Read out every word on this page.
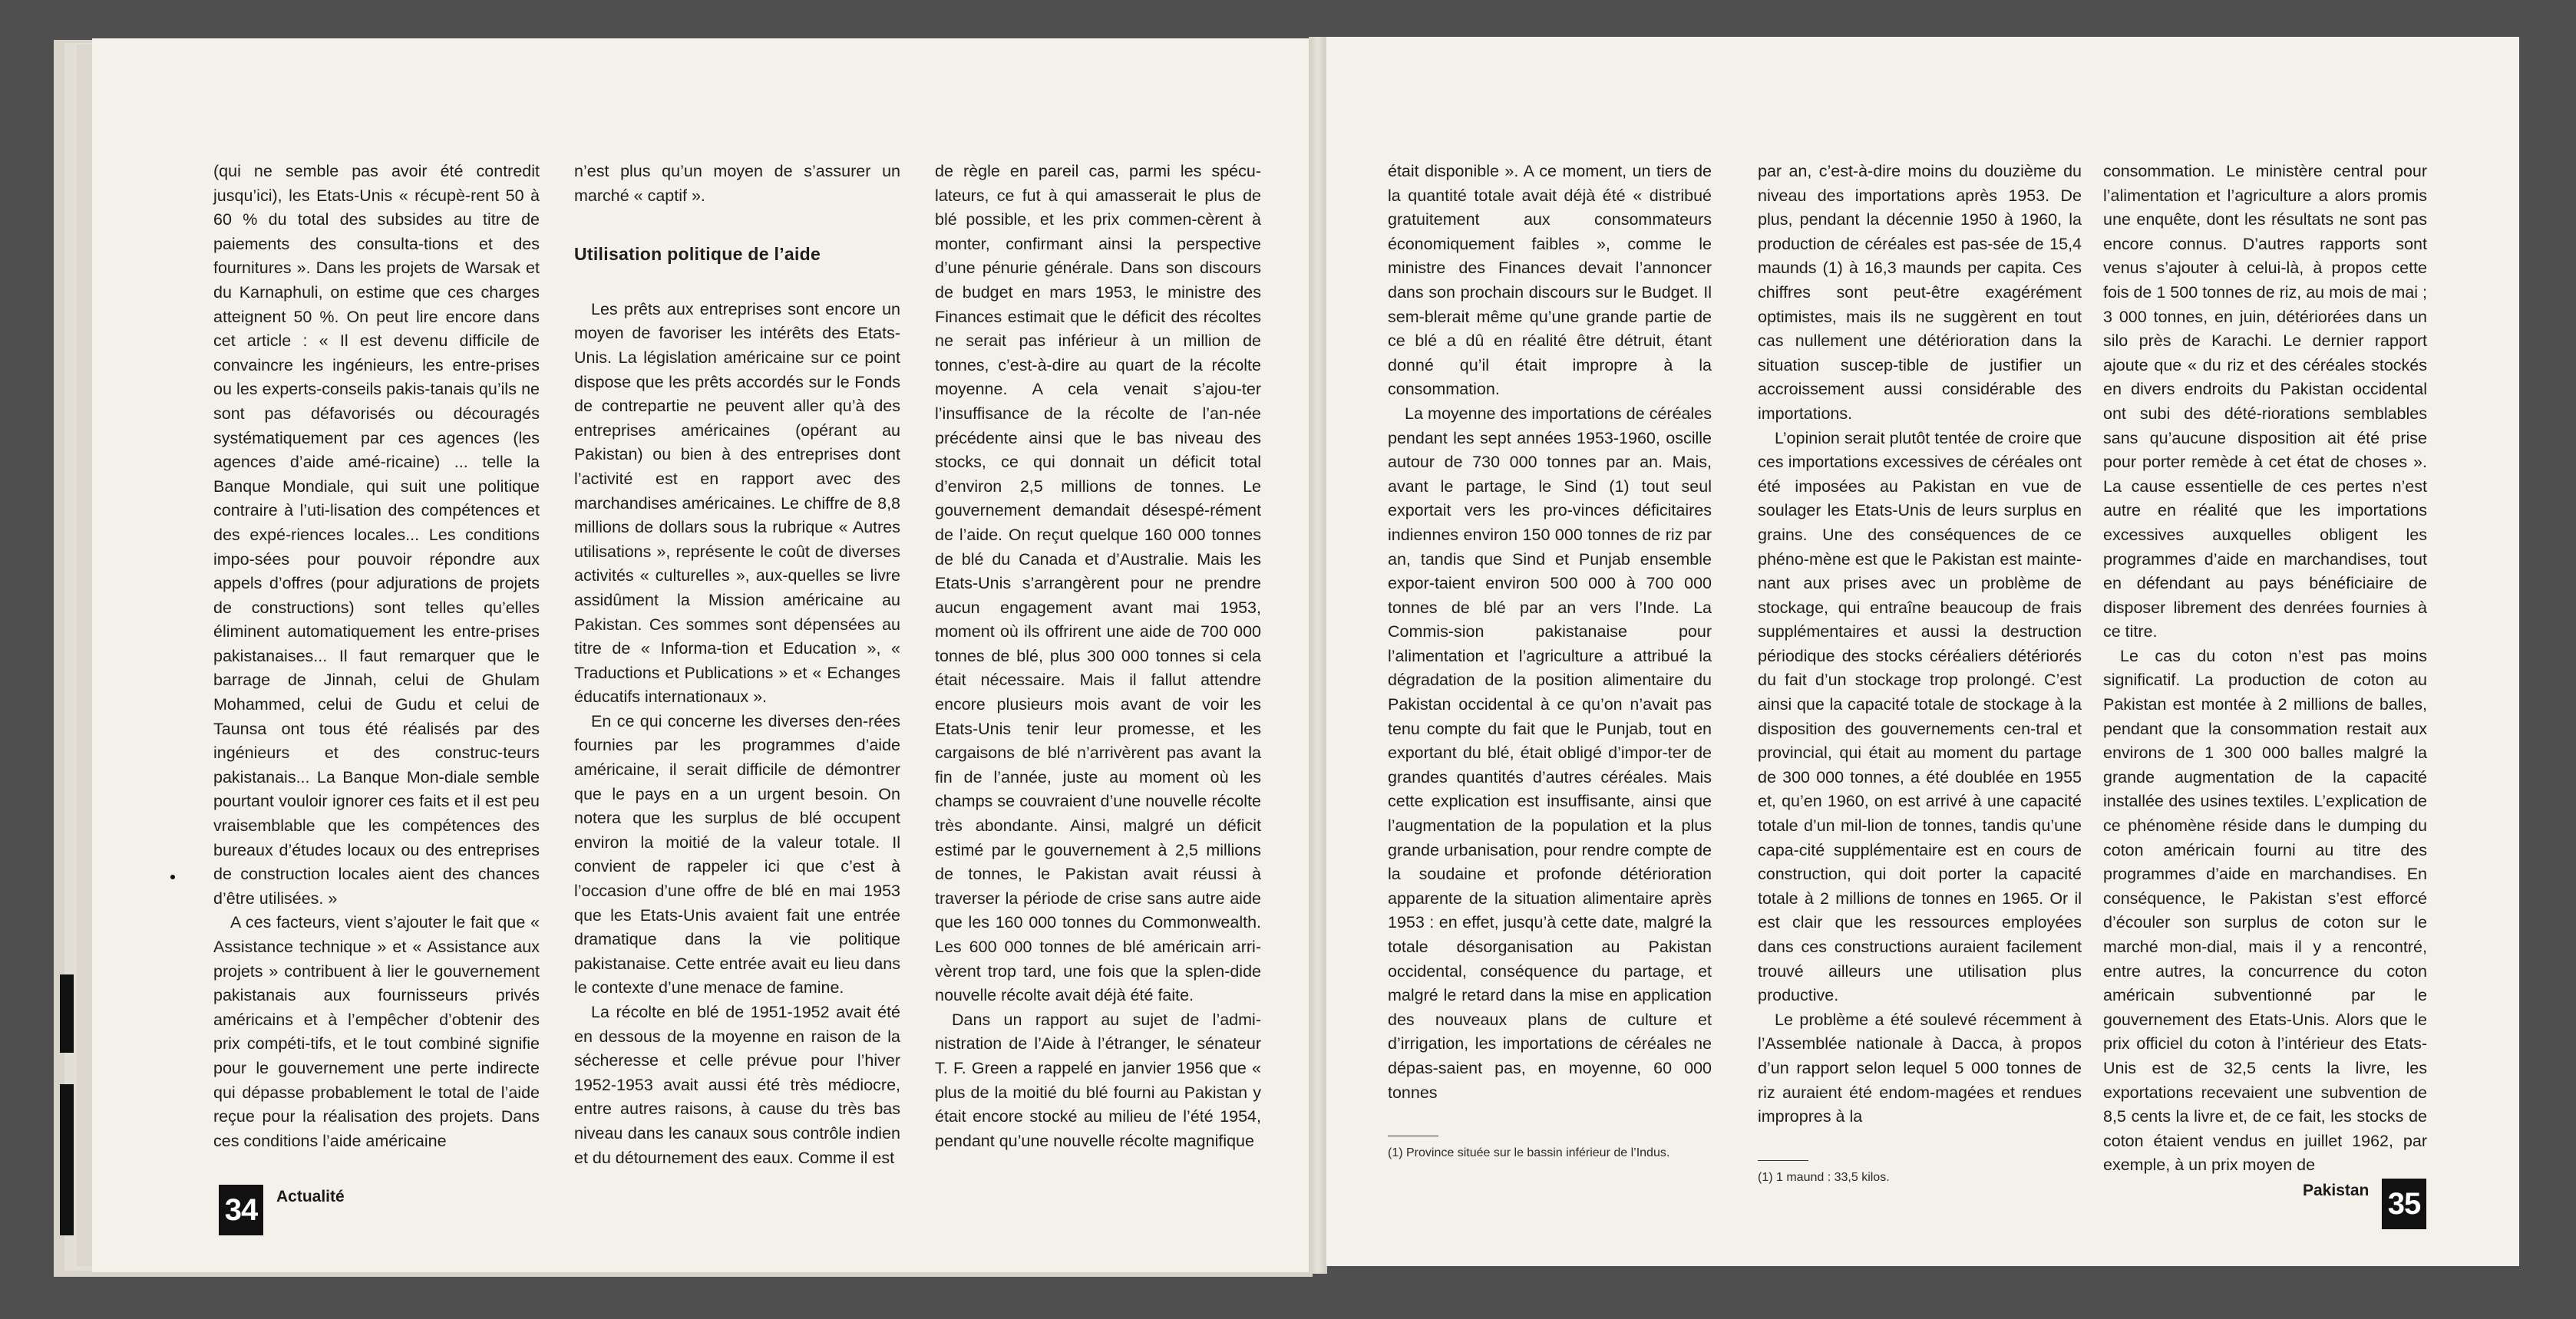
(qui ne semble pas avoir été contredit jusqu’ici), les Etats-Unis « récupè-rent 50 à 60 % du total des subsides au titre de paiements des consulta-tions et des fournitures ». Dans les projets de Warsak et du Karnaphuli, on estime que ces charges atteignent 50 %. On peut lire encore dans cet article : « Il est devenu difficile de convaincre les ingénieurs, les entre-prises ou les experts-conseils pakis-tanais qu’ils ne sont pas défavorisés ou découragés systématiquement par ces agences (les agences d’aide amé-ricaine) ... telle la Banque Mondiale, qui suit une politique contraire à l’uti-lisation des compétences et des expé-riences locales... Les conditions impo-sées pour pouvoir répondre aux appels d’offres (pour adjurations de projets de constructions) sont telles qu’elles éliminent automatiquement les entre-prises pakistanaises... Il faut remarquer que le barrage de Jinnah, celui de Ghulam Mohammed, celui de Gudu et celui de Taunsa ont tous été réalisés par des ingénieurs et des construc-teurs pakistanais... La Banque Mon-diale semble pourtant vouloir ignorer ces faits et il est peu vraisemblable que les compétences des bureaux d’études locaux ou des entreprises de construction locales aient des chances d’être utilisées. »

A ces facteurs, vient s’ajouter le fait que « Assistance technique » et « Assistance aux projets » contribuent à lier le gouvernement pakistanais aux fournisseurs privés américains et à l’empêcher d’obtenir des prix compéti-tifs, et le tout combiné signifie pour le gouvernement une perte indirecte qui dépasse probablement le total de l’aide reçue pour la réalisation des projets. Dans ces conditions l’aide américaine

n’est plus qu’un moyen de s’assurer un marché « captif ».

Utilisation politique de l’aide

Les prêts aux entreprises sont encore un moyen de favoriser les intérêts des Etats-Unis. La législation américaine sur ce point dispose que les prêts accordés sur le Fonds de contrepartie ne peuvent aller qu’à des entreprises américaines (opérant au Pakistan) ou bien à des entreprises dont l’activité est en rapport avec des marchandises américaines. Le chiffre de 8,8 millions de dollars sous la rubrique « Autres utilisations », représente le coût de diverses activités « culturelles », aux-quelles se livre assidûment la Mission américaine au Pakistan. Ces sommes sont dépensées au titre de « Informa-tion et Education », « Traductions et Publications » et « Echanges éducatifs internationaux ».

En ce qui concerne les diverses den-rées fournies par les programmes d’aide américaine, il serait difficile de démontrer que le pays en a un urgent besoin. On notera que les surplus de blé occupent environ la moitié de la valeur totale. Il convient de rappeler ici que c’est à l’occasion d’une offre de blé en mai 1953 que les Etats-Unis avaient fait une entrée dramatique dans la vie politique pakistanaise. Cette entrée avait eu lieu dans le contexte d’une menace de famine.

La récolte en blé de 1951-1952 avait été en dessous de la moyenne en raison de la sécheresse et celle prévue pour l’hiver 1952-1953 avait aussi été très médiocre, entre autres raisons, à cause du très bas niveau dans les canaux sous contrôle indien et du détournement des eaux. Comme il est

de règle en pareil cas, parmi les spécu-lateurs, ce fut à qui amasserait le plus de blé possible, et les prix commen-cèrent à monter, confirmant ainsi la perspective d’une pénurie générale. Dans son discours de budget en mars 1953, le ministre des Finances estimait que le déficit des récoltes ne serait pas inférieur à un million de tonnes, c’est-à-dire au quart de la récolte moyenne. A cela venait s’ajou-ter l’insuffisance de la récolte de l’an-née précédente ainsi que le bas niveau des stocks, ce qui donnait un déficit total d’environ 2,5 millions de tonnes. Le gouvernement demandait désespé-rément de l’aide. On reçut quelque 160 000 tonnes de blé du Canada et d’Australie. Mais les Etats-Unis s’arrangèrent pour ne prendre aucun engagement avant mai 1953, moment où ils offrirent une aide de 700 000 tonnes de blé, plus 300 000 tonnes si cela était nécessaire. Mais il fallut attendre encore plusieurs mois avant de voir les Etats-Unis tenir leur promesse, et les cargaisons de blé n’arrivèrent pas avant la fin de l’année, juste au moment où les champs se couvraient d’une nouvelle récolte très abondante. Ainsi, malgré un déficit estimé par le gouvernement à 2,5 millions de tonnes, le Pakistan avait réussi à traverser la période de crise sans autre aide que les 160 000 tonnes du Commonwealth. Les 600 000 tonnes de blé américain arri-vèrent trop tard, une fois que la splen-dide nouvelle récolte avait déjà été faite.

Dans un rapport au sujet de l’admi-nistration de l’Aide à l’étranger, le sénateur T. F. Green a rappelé en janvier 1956 que « plus de la moitié du blé fourni au Pakistan y était encore stocké au milieu de l’été 1954, pendant qu’une nouvelle récolte magnifique

34	Actualité

était disponible ». A ce moment, un tiers de la quantité totale avait déjà été « distribué gratuitement aux consommateurs économiquement faibles », comme le ministre des Finances devait l’annoncer dans son prochain discours sur le Budget. Il sem-blerait même qu’une grande partie de ce blé a dû en réalité être détruit, étant donné qu’il était impropre à la consommation.

La moyenne des importations de céréales pendant les sept années 1953-1960, oscille autour de 730 000 tonnes par an. Mais, avant le partage, le Sind (1) tout seul exportait vers les pro-vinces déficitaires indiennes environ 150 000 tonnes de riz par an, tandis que Sind et Punjab ensemble expor-taient environ 500 000 à 700 000 tonnes de blé par an vers l’Inde. La Commis-sion pakistanaise pour l’alimentation et l’agriculture a attribué la dégradation de la position alimentaire du Pakistan occidental à ce qu’on n’avait pas tenu compte du fait que le Punjab, tout en exportant du blé, était obligé d’impor-ter de grandes quantités d’autres céréales. Mais cette explication est insuffisante, ainsi que l’augmentation de la population et la plus grande urbanisation, pour rendre compte de la soudaine et profonde détérioration apparente de la situation alimentaire après 1953 : en effet, jusqu’à cette date, malgré la totale désorganisation au Pakistan occidental, conséquence du partage, et malgré le retard dans la mise en application des nouveaux plans de culture et d’irrigation, les importations de céréales ne dépas-saient pas, en moyenne, 60 000 tonnes

(1) Province située sur le bassin inférieur de l’Indus.

par an, c’est-à-dire moins du douzième du niveau des importations après 1953. De plus, pendant la décennie 1950 à 1960, la production de céréales est pas-sée de 15,4 maunds (1) à 16,3 maunds per capita. Ces chiffres sont peut-être exagérément optimistes, mais ils ne suggèrent en tout cas nullement une détérioration dans la situation suscep-tible de justifier un accroissement aussi considérable des importations.

L’opinion serait plutôt tentée de croire que ces importations excessives de céréales ont été imposées au Pakistan en vue de soulager les Etats-Unis de leurs surplus en grains. Une des conséquences de ce phéno-mène est que le Pakistan est mainte-nant aux prises avec un problème de stockage, qui entraîne beaucoup de frais supplémentaires et aussi la destruction périodique des stocks céréaliers détériorés du fait d’un stockage trop prolongé. C’est ainsi que la capacité totale de stockage à la disposition des gouvernements cen-tral et provincial, qui était au moment du partage de 300 000 tonnes, a été doublée en 1955 et, qu’en 1960, on est arrivé à une capacité totale d’un mil-lion de tonnes, tandis qu’une capa-cité supplémentaire est en cours de construction, qui doit porter la capacité totale à 2 millions de tonnes en 1965. Or il est clair que les ressources employées dans ces constructions auraient facilement trouvé ailleurs une utilisation plus productive.

Le problème a été soulevé récemment à l’Assemblée nationale à Dacca, à propos d’un rapport selon lequel 5 000 tonnes de riz auraient été endom-magées et rendues impropres à la

(1) 1 maund : 33,5 kilos.

consommation. Le ministère central pour l’alimentation et l’agriculture a alors promis une enquête, dont les résultats ne sont pas encore connus. D’autres rapports sont venus s’ajouter à celui-là, à propos cette fois de 1 500 tonnes de riz, au mois de mai ; 3 000 tonnes, en juin, détériorées dans un silo près de Karachi. Le dernier rapport ajoute que « du riz et des céréales stockés en divers endroits du Pakistan occidental ont subi des dété-riorations semblables sans qu’aucune disposition ait été prise pour porter remède à cet état de choses ». La cause essentielle de ces pertes n’est autre en réalité que les importations excessives auxquelles obligent les programmes d’aide en marchandises, tout en défendant au pays bénéficiaire de disposer librement des denrées fournies à ce titre.

Le cas du coton n’est pas moins significatif. La production de coton au Pakistan est montée à 2 millions de balles, pendant que la consommation restait aux environs de 1 300 000 balles malgré la grande augmentation de la capacité installée des usines textiles. L’explication de ce phénomène réside dans le dumping du coton américain fourni au titre des programmes d’aide en marchandises. En conséquence, le Pakistan s’est efforcé d’écouler son surplus de coton sur le marché mon-dial, mais il y a rencontré, entre autres, la concurrence du coton américain subventionné par le gouvernement des Etats-Unis. Alors que le prix officiel du coton à l’intérieur des Etats-Unis est de 32,5 cents la livre, les exportations recevaient une subvention de 8,5 cents la livre et, de ce fait, les stocks de coton étaient vendus en juillet 1962, par exemple, à un prix moyen de

Pakistan 35
